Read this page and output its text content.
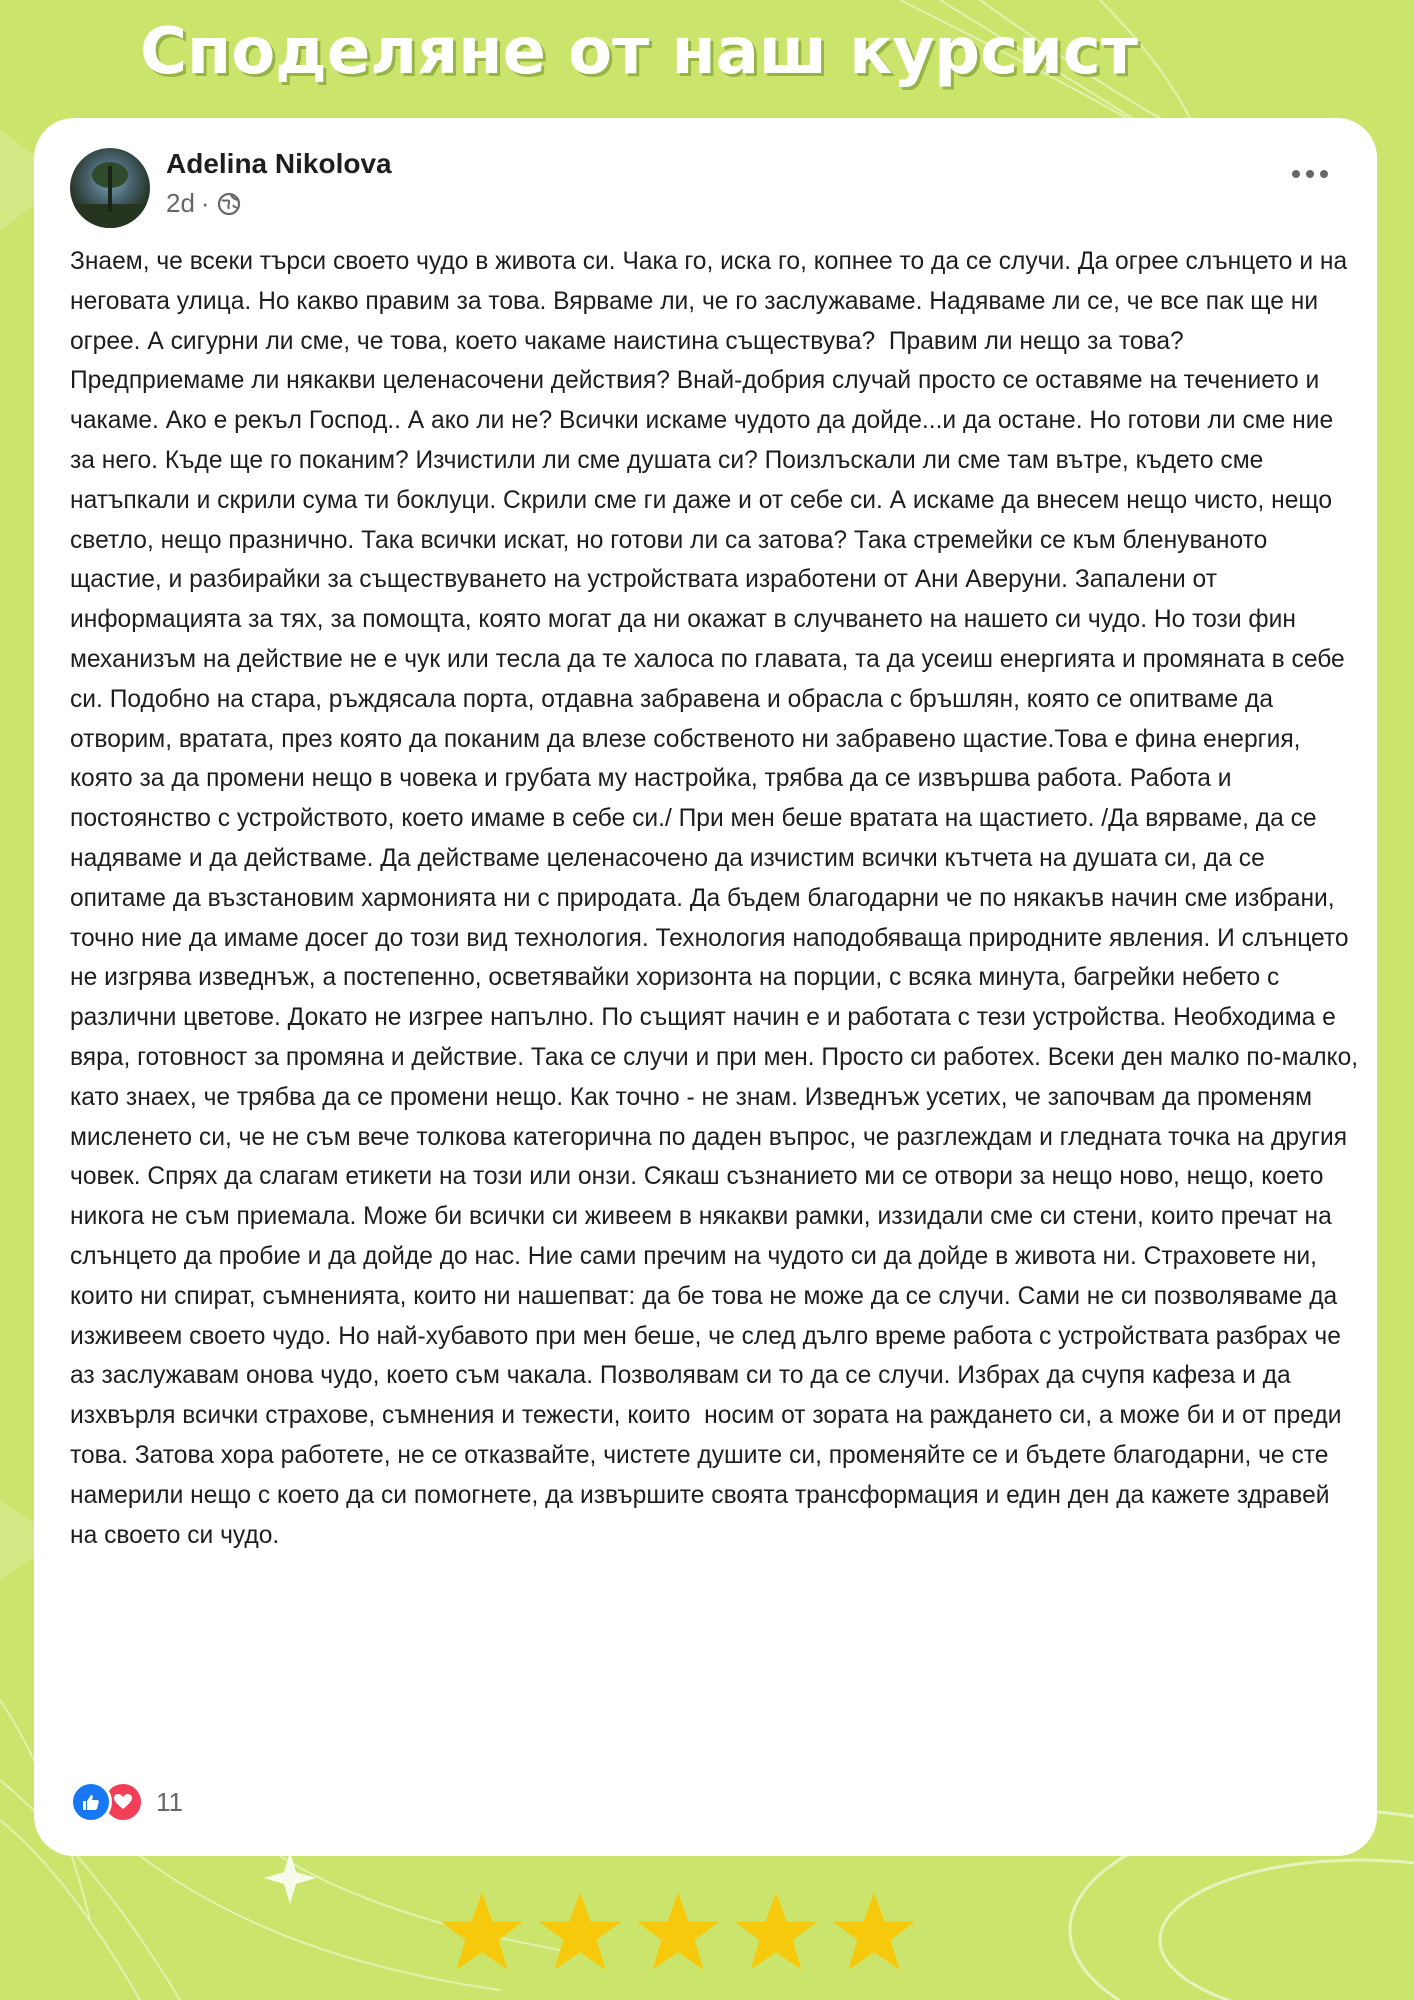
Споделяне от наш курсист
Adelina Nikolova
2d ·

Знаем, че всеки търси своето чудо в живота си. Чака го, иска го, копнее то да се случи. Да огрее слънцето и на неговата улица. Но какво правим за това. Вярваме ли, че го заслужаваме. Надяваме ли се, че все пак ще ни огрее. А сигурни ли сме, че това, което чакаме наистина съществува?  Правим ли нещо за това? Предприемаме ли някакви целенасочени действия? Внай-добрия случай просто се оставяме на течението и чакаме. Ако е рекъл Господ.. А ако ли не? Всички искаме чудото да дойде...и да остане. Но готови ли сме ние за него. Къде ще го поканим? Изчистили ли сме душата си? Поизлъскали ли сме там вътре, където сме натъпкали и скрили сума ти боклуци. Скрили сме ги даже и от себе си. А искаме да внесем нещо чисто, нещо светло, нещо празнично. Така всички искат, но готови ли са затова? Така стремейки се към бленуваното щастие, и разбирайки за съществуването на устройствата изработени от Ани Аверуни. Запалени от информацията за тях, за помощта, която могат да ни окажат в случването на нашето си чудо. Но този фин механизъм на действие не е чук или тесла да те халоса по главата, та да усеиш енергията и промяната в себе си. Подобно на стара, ръждясала порта, отдавна забравена и обрасла с бръшлян, която се опитваме да отворим, вратата, през която да поканим да влезе собственото ни забравено щастие.Това е фина енергия, която за да промени нещо в човека и грубата му настройка, трябва да се извършва работа. Работа и постоянство с устройството, което имаме в себе си./ При мен беше вратата на щастието. /Да вярваме, да се надяваме и да действаме. Да действаме целенасочено да изчистим всички кътчета на душата си, да се опитаме да възстановим хармонията ни с природата. Да бъдем благодарни че по някакъв начин сме избрани, точно ние да имаме досег до този вид технология. Технология наподобяваща природните явления. И слънцето не изгрява изведнъж, а постепенно, осветявайки хоризонта на порции, с всяка минута, багрейки небето с различни цветове. Докато не изгрее напълно. По същият начин е и работата с тези устройства. Необходима е вяра, готовност за промяна и действие. Така се случи и при мен. Просто си работех. Всеки ден малко по-малко, като знаех, че трябва да се промени нещо. Как точно - не знам. Изведнъж усетих, че започвам да променям мисленето си, че не съм вече толкова категорична по даден въпрос, че разглеждам и гледната точка на другия човек. Спрях да слагам етикети на този или онзи. Сякаш съзнанието ми се отвори за нещо ново, нещо, което никога не съм приемала. Може би всички си живеем в някакви рамки, иззидали сме си стени, които пречат на слънцето да пробие и да дойде до нас. Ние сами пречим на чудото си да дойде в живота ни. Страховете ни, които ни спират, съмненията, които ни нашепват: да бе това не може да се случи. Сами не си позволяваме да изживеем своето чудо. Но най-хубавото при мен беше, че след дълго време работа с устройствата разбрах че аз заслужавам онова чудо, което съм чакала. Позволявам си то да се случи. Избрах да счупя кафеза и да изхвърля всички страхове, съмнения и тежести, които  носим от зората на раждането си, а може би и от преди това. Затова хора работете, не се отказвайте, чистете душите си, променяйте се и бъдете благодарни, че сте  намерили нещо с което да си помогнете, да извършите своята трансформация и един ден да кажете здравей на своето си чудо.

11
